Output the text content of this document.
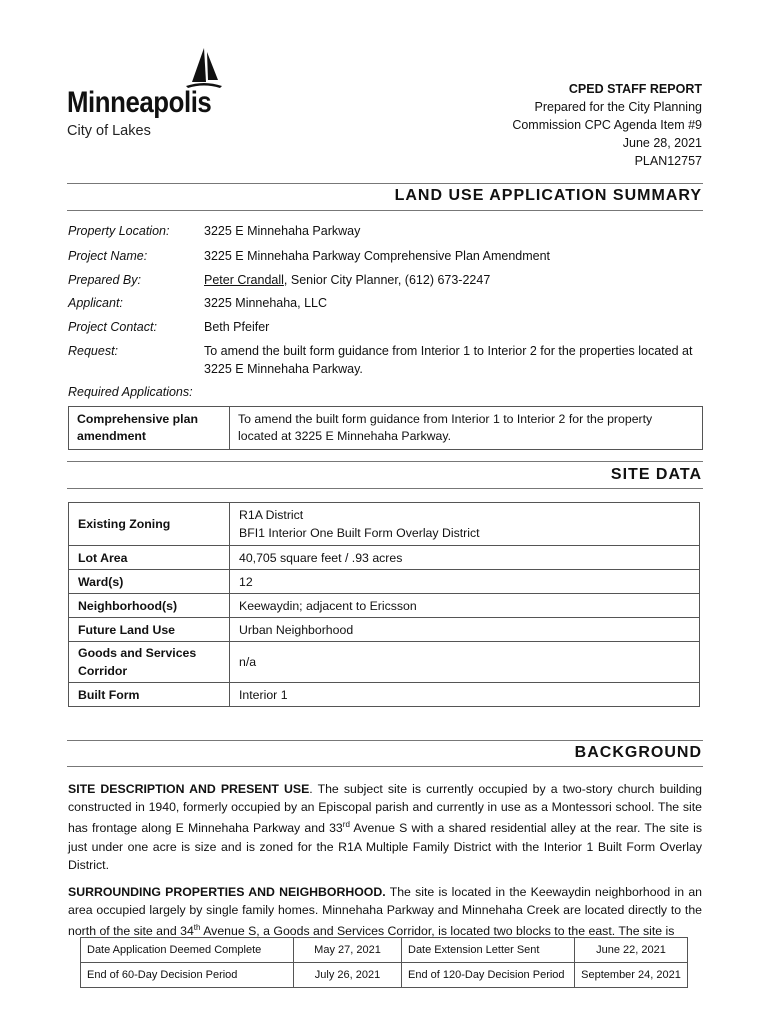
Minneapolis
City of Lakes
CPED STAFF REPORT
Prepared for the City Planning
Commission CPC Agenda Item #9
June 28, 2021
PLAN12757
LAND USE APPLICATION SUMMARY
Property Location:	3225 E Minnehaha Parkway
Project Name:	3225 E Minnehaha Parkway Comprehensive Plan Amendment
Prepared By:	Peter Crandall, Senior City Planner, (612) 673-2247
Applicant:	3225 Minnehaha, LLC
Project Contact:	Beth Pfeifer
Request:	To amend the built form guidance from Interior 1 to Interior 2 for the properties located at 3225 E Minnehaha Parkway.
Required Applications:
Comprehensive plan amendment	To amend the built form guidance from Interior 1 to Interior 2 for the property located at 3225 E Minnehaha Parkway.
SITE DATA
Existing Zoning	R1A District
BFI1 Interior One Built Form Overlay District

Lot Area	40,705 square feet / .93 acres
Ward(s)	12
Neighborhood(s)	Keewaydin; adjacent to Ericsson
Future Land Use	Urban Neighborhood
Goods and Services Corridor	n/a
Built Form	Interior 1
BACKGROUND
SITE DESCRIPTION AND PRESENT USE. The subject site is currently occupied by a two-story church building constructed in 1940, formerly occupied by an Episcopal parish and currently in use as a Montessori school. The site has frontage along E Minnehaha Parkway and 33rd Avenue S with a shared residential alley at the rear. The site is just under one acre is size and is zoned for the R1A Multiple Family District with the Interior 1 Built Form Overlay District.
SURROUNDING PROPERTIES AND NEIGHBORHOOD. The site is located in the Keewaydin neighborhood in an area occupied largely by single family homes. Minnehaha Parkway and Minnehaha Creek are located directly to the north of the site and 34th Avenue S, a Goods and Services Corridor, is located two blocks to the east. The site is
Date Application Deemed Complete	May 27, 2021	Date Extension Letter Sent	June 22, 2021
End of 60-Day Decision Period	July 26, 2021	End of 120-Day Decision Period	September 24, 2021
